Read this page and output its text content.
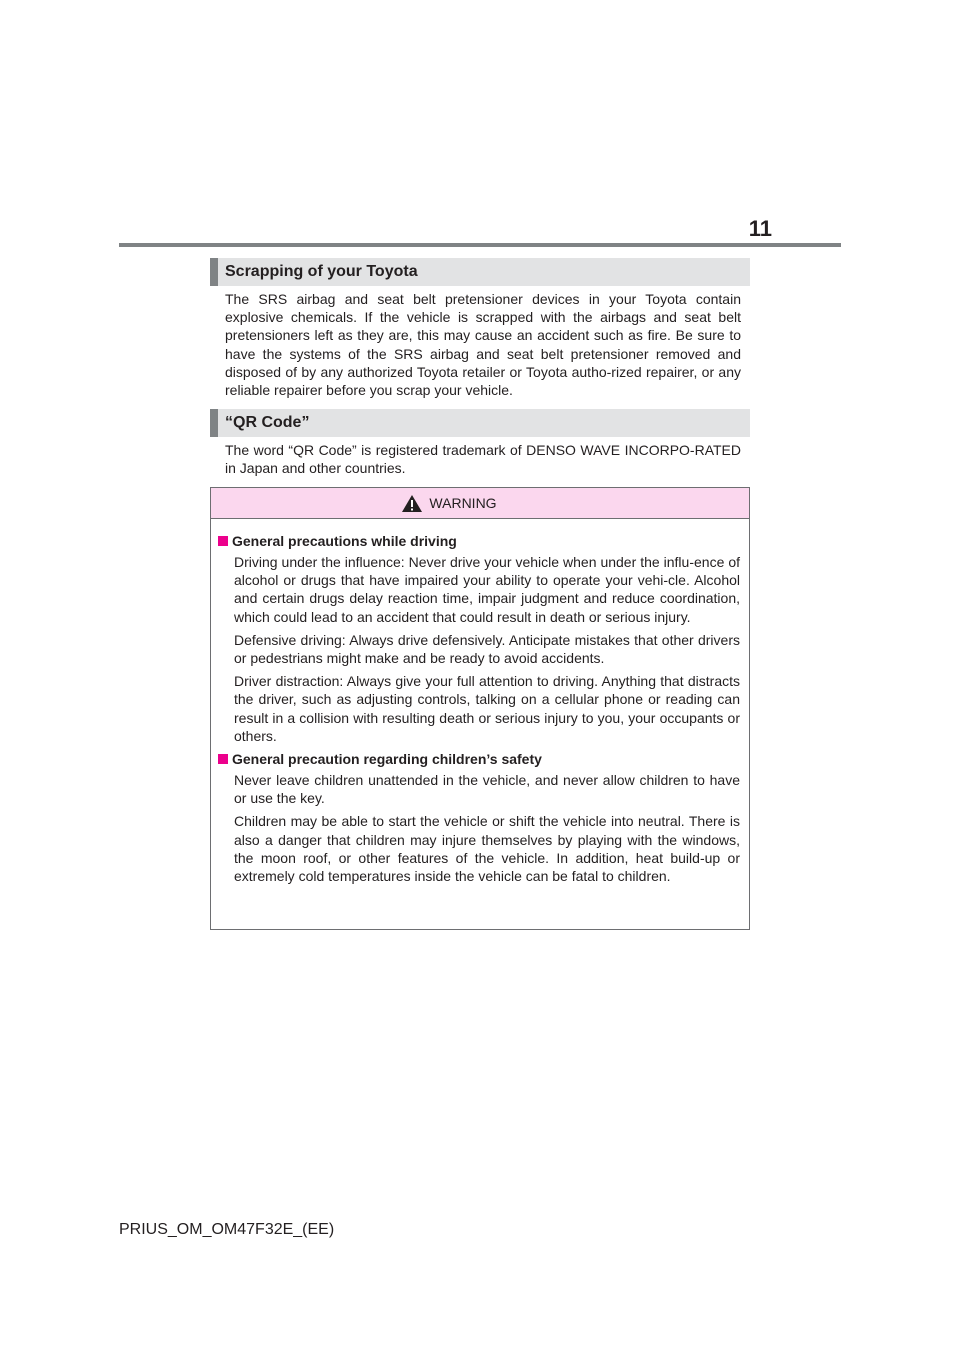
11
Scrapping of your Toyota

The SRS airbag and seat belt pretensioner devices in your Toyota contain explosive chemicals. If the vehicle is scrapped with the airbags and seat belt pretensioners left as they are, this may cause an accident such as fire. Be sure to have the systems of the SRS airbag and seat belt pretensioner removed and disposed of by any authorized Toyota retailer or Toyota autho-rized repairer, or any reliable repairer before you scrap your vehicle.

“QR Code”

The word “QR Code” is registered trademark of DENSO WAVE INCORPO-RATED in Japan and other countries.

WARNING
General precautions while driving

Driving under the influence: Never drive your vehicle when under the influ-ence of alcohol or drugs that have impaired your ability to operate your vehi-cle. Alcohol and certain drugs delay reaction time, impair judgment and reduce coordination, which could lead to an accident that could result in death or serious injury.

Defensive driving: Always drive defensively. Anticipate mistakes that other drivers or pedestrians might make and be ready to avoid accidents.

Driver distraction: Always give your full attention to driving. Anything that distracts the driver, such as adjusting controls, talking on a cellular phone or reading can result in a collision with resulting death or serious injury to you, your occupants or others.

General precaution regarding children’s safety

Never leave children unattended in the vehicle, and never allow children to have or use the key.

Children may be able to start the vehicle or shift the vehicle into neutral. There is also a danger that children may injure themselves by playing with the windows, the moon roof, or other features of the vehicle. In addition, heat build-up or extremely cold temperatures inside the vehicle can be fatal to children.

PRIUS_OM_OM47F32E_(EE)
